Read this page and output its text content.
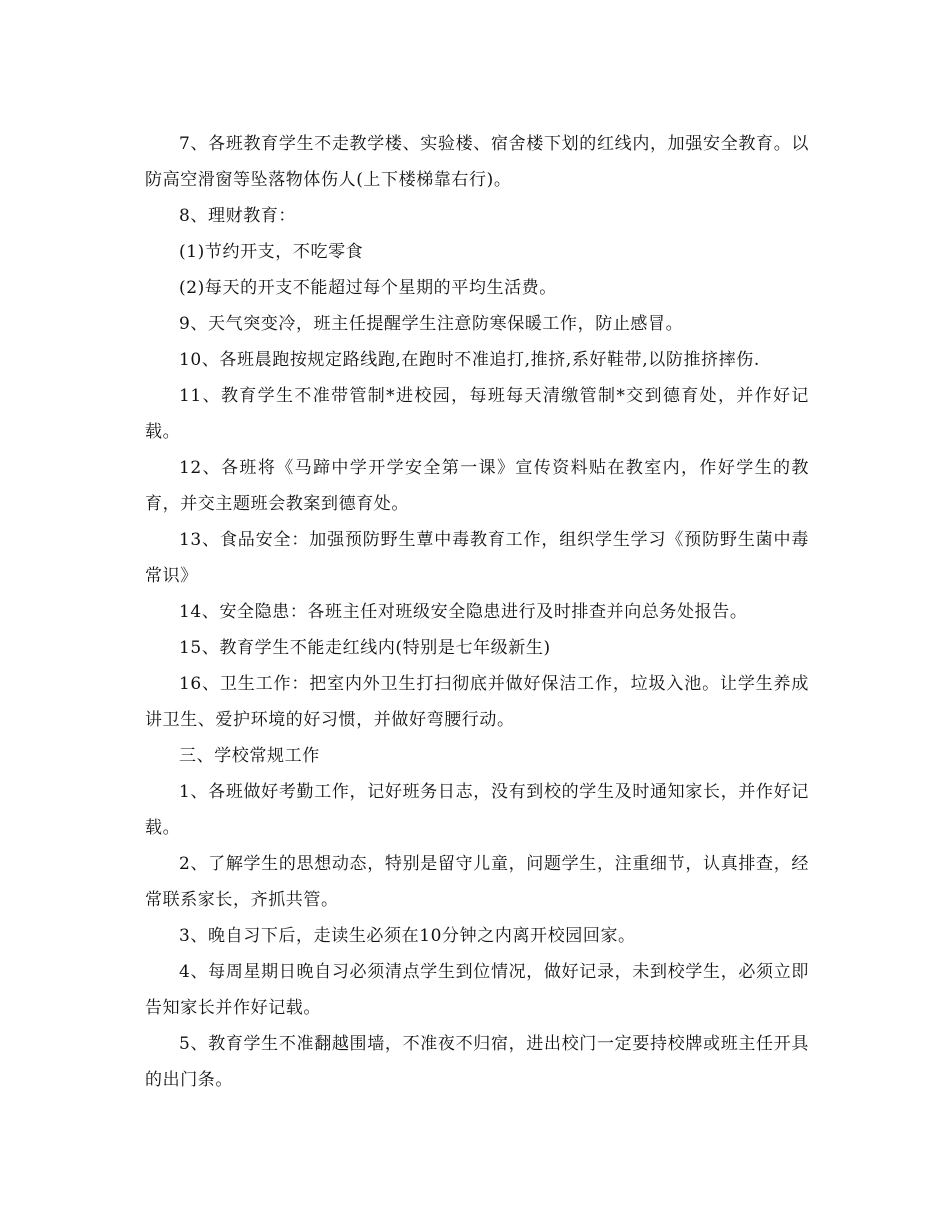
7、各班教育学生不走教学楼、实验楼、宿舍楼下划的红线内，加强安全教育。以防高空滑窗等坠落物体伤人(上下楼梯靠右行)。

8、理财教育：

(1)节约开支，不吃零食

(2)每天的开支不能超过每个星期的平均生活费。

9、天气突变冷，班主任提醒学生注意防寒保暖工作，防止感冒。

10、各班晨跑按规定路线跑,在跑时不准追打,推挤,系好鞋带,以防推挤摔伤.

11、教育学生不准带管制*进校园，每班每天清缴管制*交到德育处，并作好记载。

12、各班将《马蹄中学开学安全第一课》宣传资料贴在教室内，作好学生的教育，并交主题班会教案到德育处。

13、食品安全：加强预防野生蕈中毒教育工作，组织学生学习《预防野生菌中毒常识》

14、安全隐患：各班主任对班级安全隐患进行及时排查并向总务处报告。

15、教育学生不能走红线内(特别是七年级新生)

16、卫生工作：把室内外卫生打扫彻底并做好保洁工作，垃圾入池。让学生养成讲卫生、爱护环境的好习惯，并做好弯腰行动。

三、学校常规工作

1、各班做好考勤工作，记好班务日志，没有到校的学生及时通知家长，并作好记载。

2、了解学生的思想动态，特别是留守儿童，问题学生，注重细节，认真排查，经常联系家长，齐抓共管。

3、晚自习下后，走读生必须在10分钟之内离开校园回家。

4、每周星期日晚自习必须清点学生到位情况，做好记录，未到校学生，必须立即告知家长并作好记载。

5、教育学生不准翻越围墙，不准夜不归宿，进出校门一定要持校牌或班主任开具的出门条。
